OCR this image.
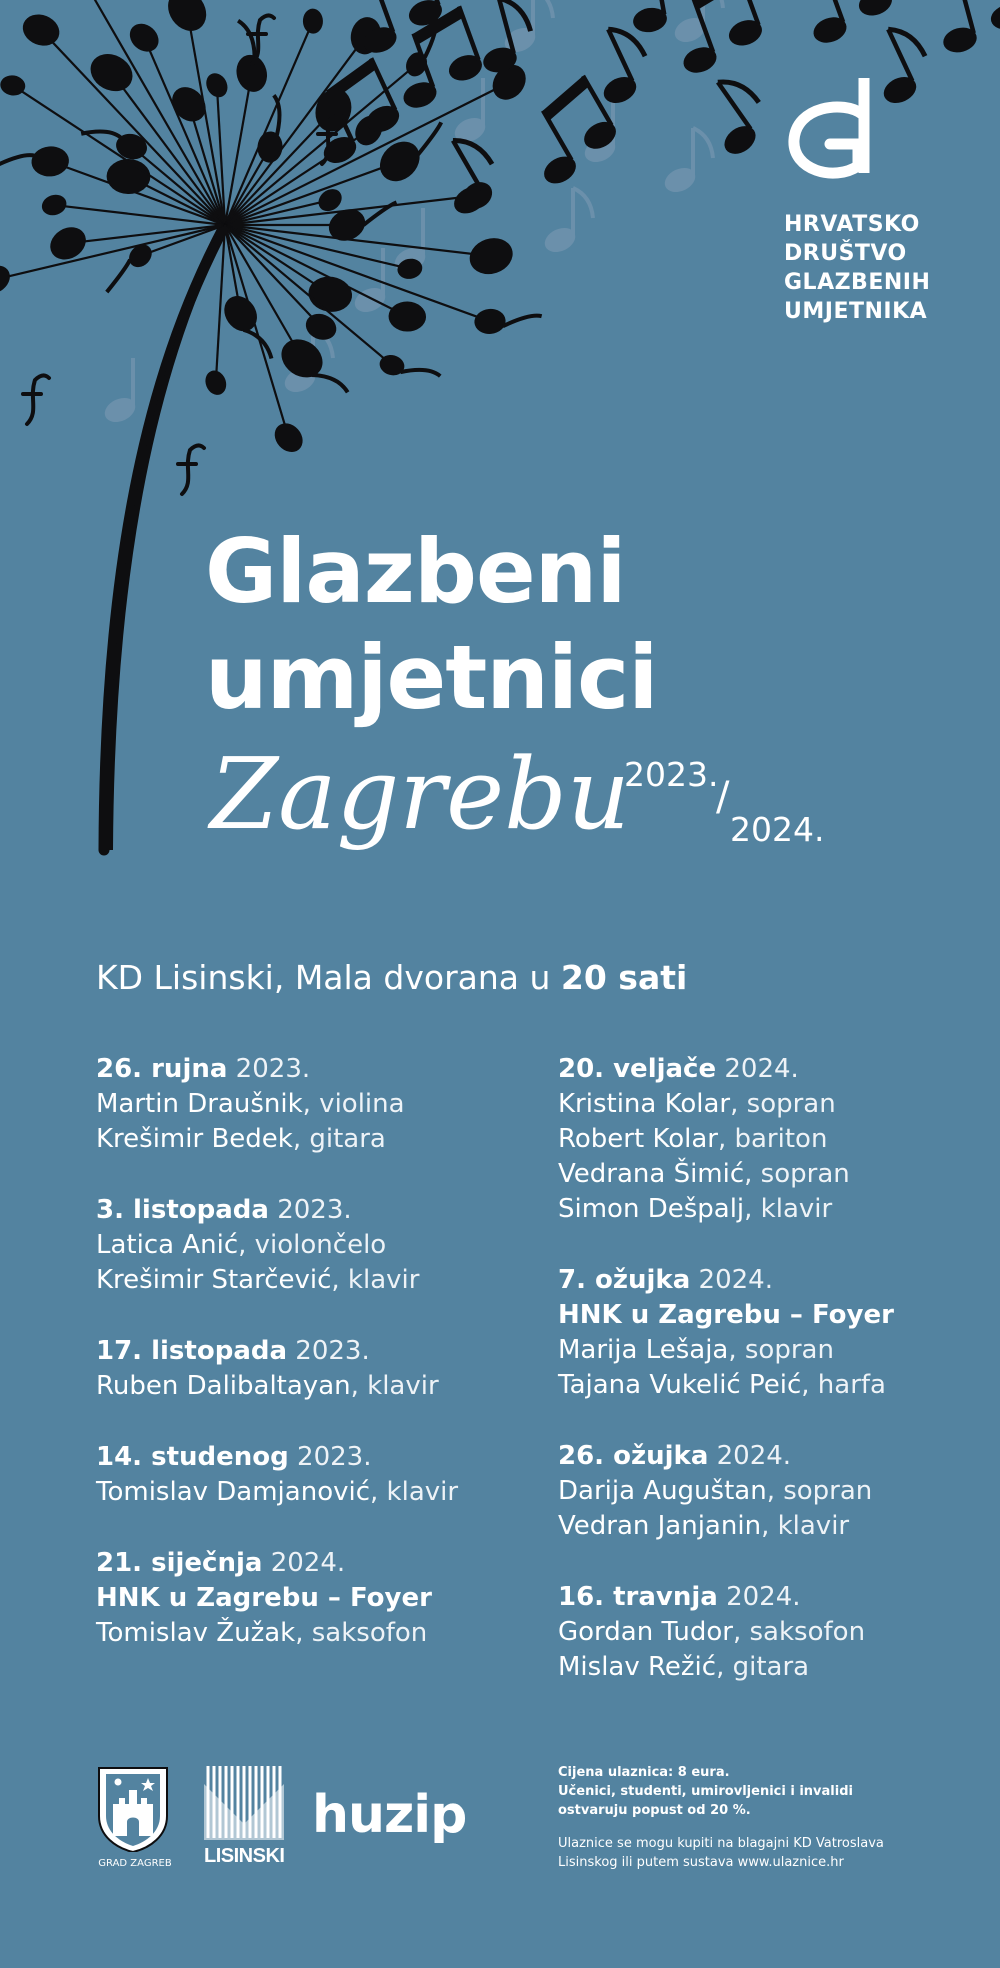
HRVATSKO
DRUŠTVO
GLAZBENIH
UMJETNIKA
Glazbeni
umjetnici
Zagrebu
2023.
/
2024.
KD Lisinski, Mala dvorana u 20 sati
26. rujna 2023.
Martin Draušnik, violina
Krešimir Bedek, gitara
3. listopada 2023.
Latica Anić, violončelo
Krešimir Starčević, klavir
17. listopada 2023.
Ruben Dalibaltayan, klavir
14. studenog 2023.
Tomislav Damjanović, klavir
21. siječnja 2024.
HNK u Zagrebu – Foyer
Tomislav Žužak, saksofon
20. veljače 2024.
Kristina Kolar, sopran
Robert Kolar, bariton
Vedrana Šimić, sopran
Simon Dešpalj, klavir
7. ožujka 2024.
HNK u Zagrebu – Foyer
Marija Lešaja, sopran
Tajana Vukelić Peić, harfa
26. ožujka 2024.
Darija Auguštan, sopran
Vedran Janjanin, klavir
16. travnja 2024.
Gordan Tudor, saksofon
Mislav Režić, gitara
GRAD ZAGREB	LISINSKI
huzip
Cijena ulaznica: 8 eura.
Učenici, studenti, umirovljenici i invalidi
ostvaruju popust od 20 %.
Ulaznice se mogu kupiti na blagajni KD Vatroslava
Lisinskog ili putem sustava www.ulaznice.hr
